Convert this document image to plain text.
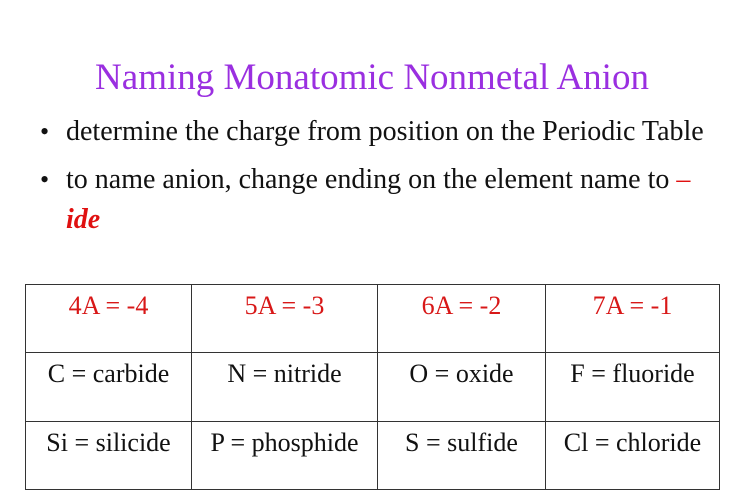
Naming Monatomic Nonmetal Anion
• determine the charge from position on the Periodic Table
• to name anion, change ending on the element name to –ide
4A = -4	5A = -3	6A = -2	7A = -1
C = carbide	N = nitride	O = oxide	F = fluoride
Si = silicide	P = phosphide	S = sulfide	Cl = chloride
